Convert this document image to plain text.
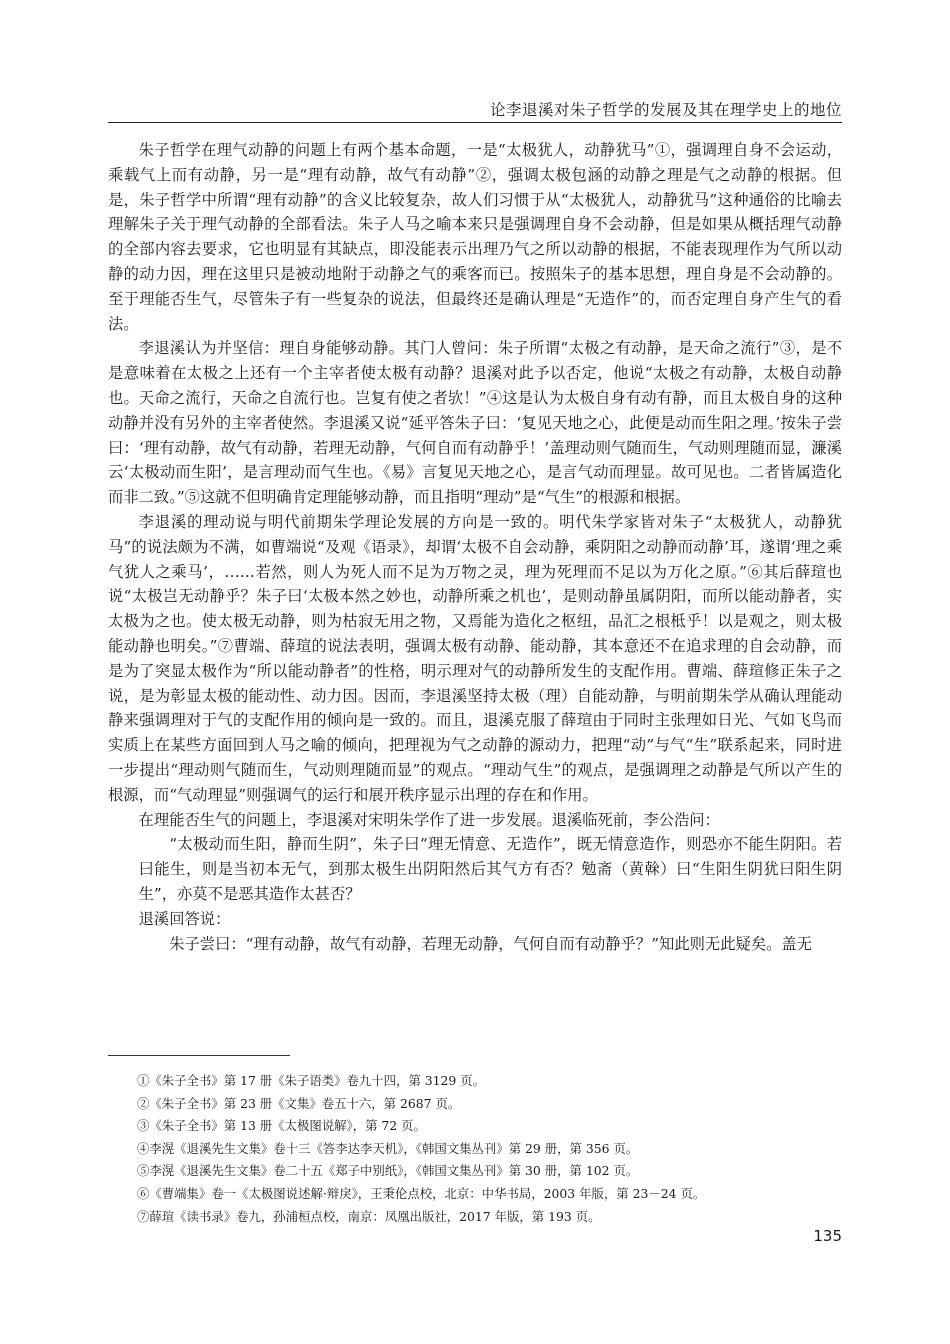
论李退溪对朱子哲学的发展及其在理学史上的地位

朱子哲学在理气动静的问题上有两个基本命题，一是“太极犹人，动静犹马”①，强调理自身不会运动，乘载气上而有动静，另一是“理有动静，故气有动静”②，强调太极包涵的动静之理是气之动静的根据。但是，朱子哲学中所谓“理有动静”的含义比较复杂，故人们习惯于从“太极犹人，动静犹马”这种通俗的比喻去理解朱子关于理气动静的全部看法。朱子人马之喻本来只是强调理自身不会动静，但是如果从概括理气动静的全部内容去要求，它也明显有其缺点，即没能表示出理乃气之所以动静的根据，不能表现理作为气所以动静的动力因，理在这里只是被动地附于动静之气的乘客而已。按照朱子的基本思想，理自身是不会动静的。至于理能否生气，尽管朱子有一些复杂的说法，但最终还是确认理是“无造作”的，而否定理自身产生气的看法。

李退溪认为并坚信：理自身能够动静。其门人曾问：朱子所谓“太极之有动静，是天命之流行”③，是不是意味着在太极之上还有一个主宰者使太极有动静？退溪对此予以否定，他说“太极之有动静，太极自动静也。天命之流行，天命之自流行也。岂复有使之者欤！”④这是认为太极自身有动有静，而且太极自身的这种动静并没有另外的主宰者使然。李退溪又说“延平答朱子曰：‘复见天地之心，此便是动而生阳之理。’按朱子尝曰：‘理有动静，故气有动静，若理无动静，气何自而有动静乎！’盖理动则气随而生，气动则理随而显，濂溪云‘太极动而生阳’，是言理动而气生也。《易》言复见天地之心，是言气动而理显。故可见也。二者皆属造化而非二致。”⑤这就不但明确肯定理能够动静，而且指明“理动”是“气生”的根源和根据。

李退溪的理动说与明代前期朱学理论发展的方向是一致的。明代朱学家皆对朱子“太极犹人，动静犹马”的说法颇为不满，如曹端说“及观《语录》，却谓‘太极不自会动静，乘阴阳之动静而动静’耳，遂谓‘理之乘气犹人之乘马’，……若然，则人为死人而不足为万物之灵，理为死理而不足以为万化之原。”⑥其后薛瑄也说“太极岂无动静乎？朱子曰‘太极本然之妙也，动静所乘之机也’，是则动静虽属阴阳，而所以能动静者，实太极为之也。使太极无动静，则为枯寂无用之物，又焉能为造化之枢纽，品汇之根柢乎！以是观之，则太极能动静也明矣。”⑦曹端、薛瑄的说法表明，强调太极有动静、能动静，其本意还不在追求理的自会动静，而是为了突显太极作为“所以能动静者”的性格，明示理对气的动静所发生的支配作用。曹端、薛瑄修正朱子之说，是为彰显太极的能动性、动力因。因而，李退溪坚持太极（理）自能动静，与明前期朱学从确认理能动静来强调理对于气的支配作用的倾向是一致的。而且，退溪克服了薛瑄由于同时主张理如日光、气如飞鸟而实质上在某些方面回到人马之喻的倾向，把理视为气之动静的源动力，把理“动”与气“生”联系起来，同时进一步提出“理动则气随而生，气动则理随而显”的观点。“理动气生”的观点，是强调理之动静是气所以产生的根源，而“气动理显”则强调气的运行和展开秩序显示出理的存在和作用。

在理能否生气的问题上，李退溪对宋明朱学作了进一步发展。退溪临死前，李公浩问：

“太极动而生阳，静而生阴”，朱子曰“理无情意、无造作”，既无情意造作，则恐亦不能生阴阳。若曰能生，则是当初本无气，到那太极生出阴阳然后其气方有否？勉斋（黄榦）曰“生阳生阴犹曰阳生阴生”，亦莫不是恶其造作太甚否？

退溪回答说：

朱子尝曰：“理有动静，故气有动静，若理无动静，气何自而有动静乎？”知此则无此疑矣。盖无

①《朱子全书》第 17 册《朱子语类》卷九十四，第 3129 页。
②《朱子全书》第 23 册《文集》卷五十六，第 2687 页。
③《朱子全书》第 13 册《太极图说解》，第 72 页。
④李滉《退溪先生文集》卷十三《答李达李天机》，《韩国文集丛刊》第 29 册，第 356 页。
⑤李滉《退溪先生文集》卷二十五《郑子中别纸》，《韩国文集丛刊》第 30 册，第 102 页。
⑥《曹端集》卷一《太极图说述解·辩戾》，王秉伦点校，北京：中华书局，2003 年版，第 23－24 页。
⑦薛瑄《读书录》卷九，孙浦桓点校，南京：凤凰出版社，2017 年版，第 193 页。
135
